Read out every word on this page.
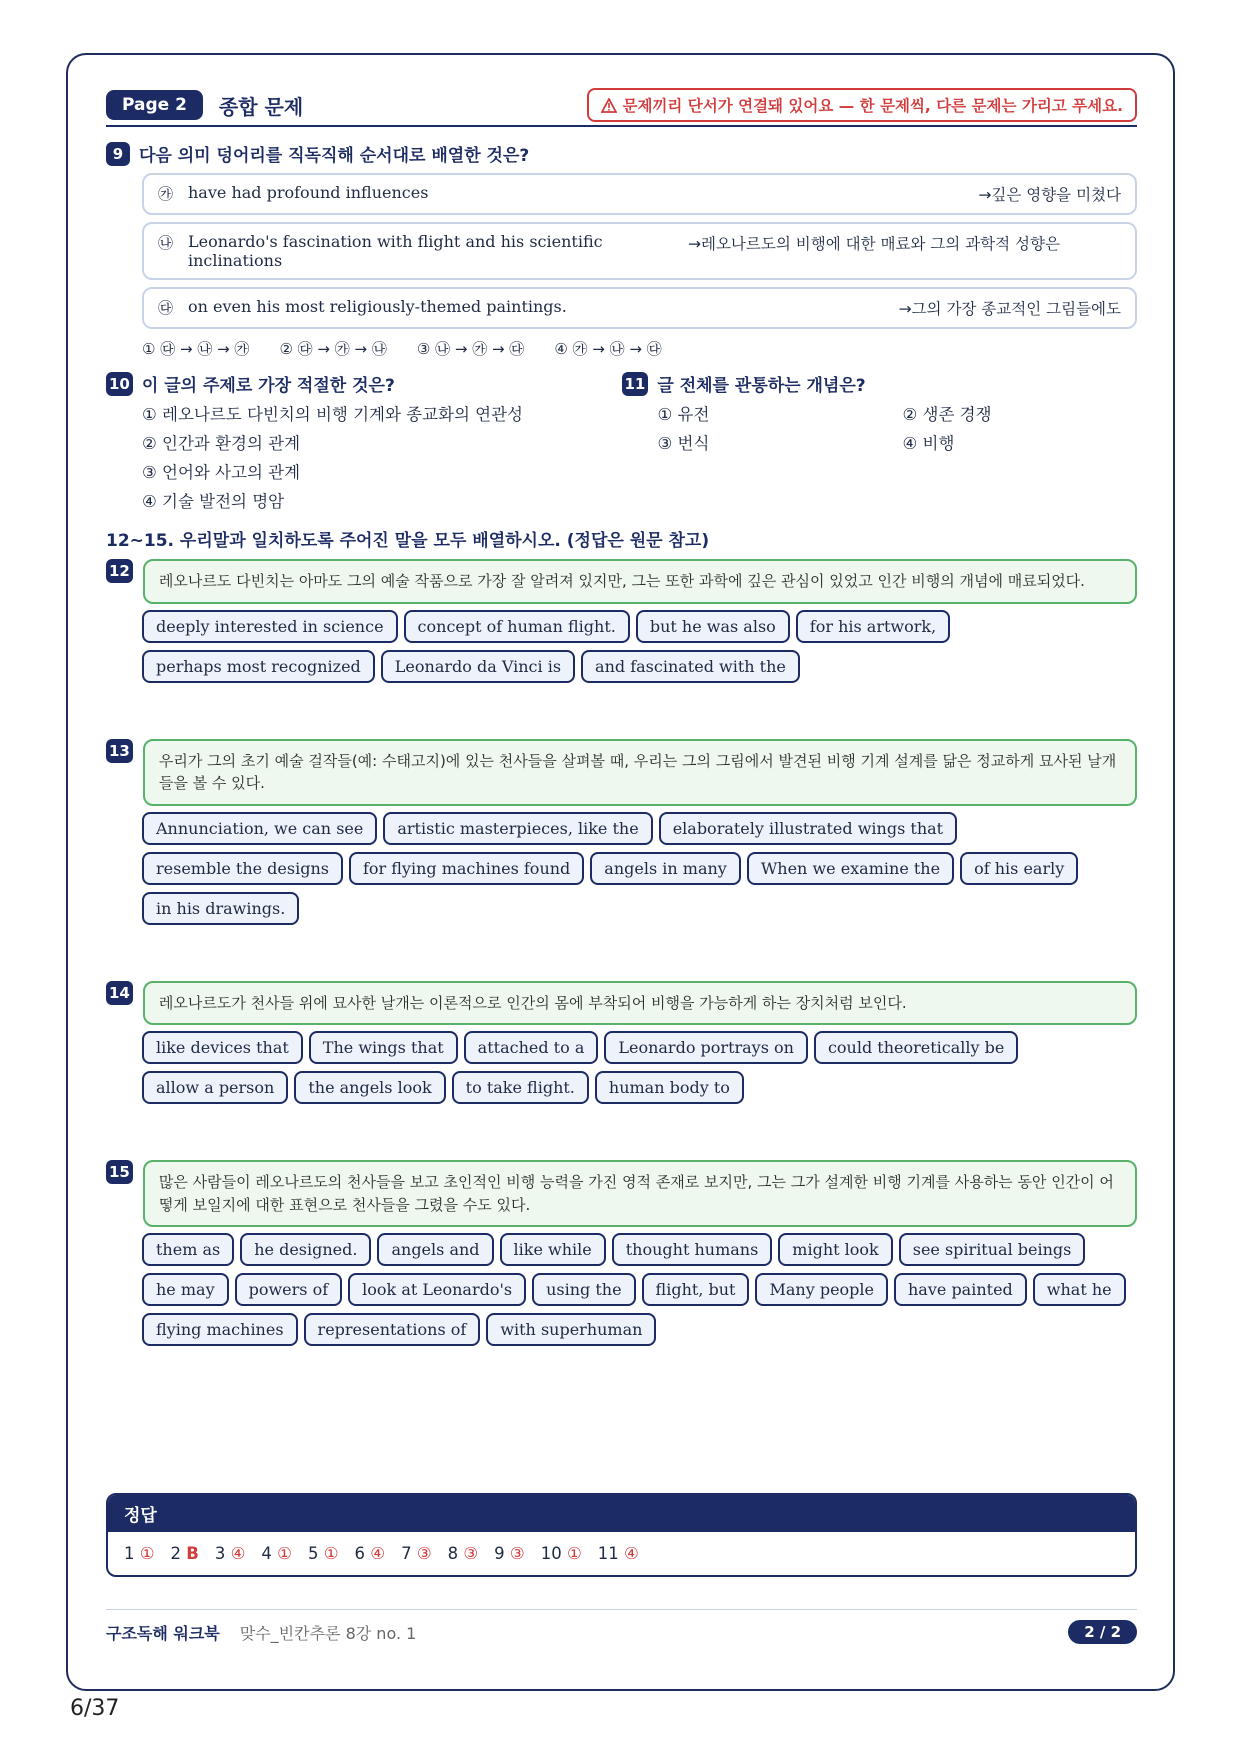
Page 2	종합 문제	문제끼리 단서가 연결돼 있어요 — 한 문제씩, 다른 문제는 가리고 푸세요.
9 다음 의미 덩어리를 직독직해 순서대로 배열한 것은?
㉮ have had profound influences	→깊은 영향을 미쳤다
㉯ Leonardo's fascination with flight and his scientific inclinations
→레오나르도의 비행에 대한 매료와 그의 과학적 성향은
㉰ on even his most religiously-themed paintings.	→그의 가장 종교적인 그림들에도
① ㉰ → ㉯ → ㉮ ② ㉰ → ㉮ → ㉯ ③ ㉯ → ㉮ → ㉰ ④ ㉮ → ㉯ → ㉰
10 이 글의 주제로 가장 적절한 것은?
① 레오나르도 다빈치의 비행 기계와 종교화의 연관성
② 인간과 환경의 관계
③ 언어와 사고의 관계
④ 기술 발전의 명암
11 글 전체를 관통하는 개념은?
① 유전	② 생존 경쟁
③ 번식	④ 비행
12~15. 우리말과 일치하도록 주어진 말을 모두 배열하시오. (정답은 원문 참고)
12
레오나르도 다빈치는 아마도 그의 예술 작품으로 가장 잘 알려져 있지만, 그는 또한 과학에 깊은 관심이 있었고 인간 비행의 개념에 매료되었다.
deeply interested in science	concept of human flight.	but he was also	for his artwork,
perhaps most recognized	Leonardo da Vinci is	and fascinated with the
13
우리가 그의 초기 예술 걸작들(예: 수태고지)에 있는 천사들을 살펴볼 때, 우리는 그의 그림에서 발견된 비행 기계 설계를 닮은 정교하게 묘사된 날개들을 볼 수 있다.
Annunciation, we can see	artistic masterpieces, like the	elaborately illustrated wings that
resemble the designs	for flying machines found	angels in many	When we examine the	of his early
in his drawings.
14
레오나르도가 천사들 위에 묘사한 날개는 이론적으로 인간의 몸에 부착되어 비행을 가능하게 하는 장치처럼 보인다.
like devices that	The wings that	attached to a	Leonardo portrays on	could theoretically be
allow a person	the angels look	to take flight.	human body to
15
많은 사람들이 레오나르도의 천사들을 보고 초인적인 비행 능력을 가진 영적 존재로 보지만, 그는 그가 설계한 비행 기계를 사용하는 동안 인간이 어떻게 보일지에 대한 표현으로 천사들을 그렸을 수도 있다.
them as	he designed.	angels and	like while	thought humans	might look	see spiritual beings
he may	powers of	look at Leonardo's	using the	flight, but	Many people	have painted	what he
flying machines	representations of	with superhuman
정답
1 ① 2 B 3 ④ 4 ① 5 ① 6 ④ 7 ③ 8 ③ 9 ③ 10 ① 11 ④
구조독해 워크북 맞수_빈칸추론 8강 no. 1	2 / 2
6/37
